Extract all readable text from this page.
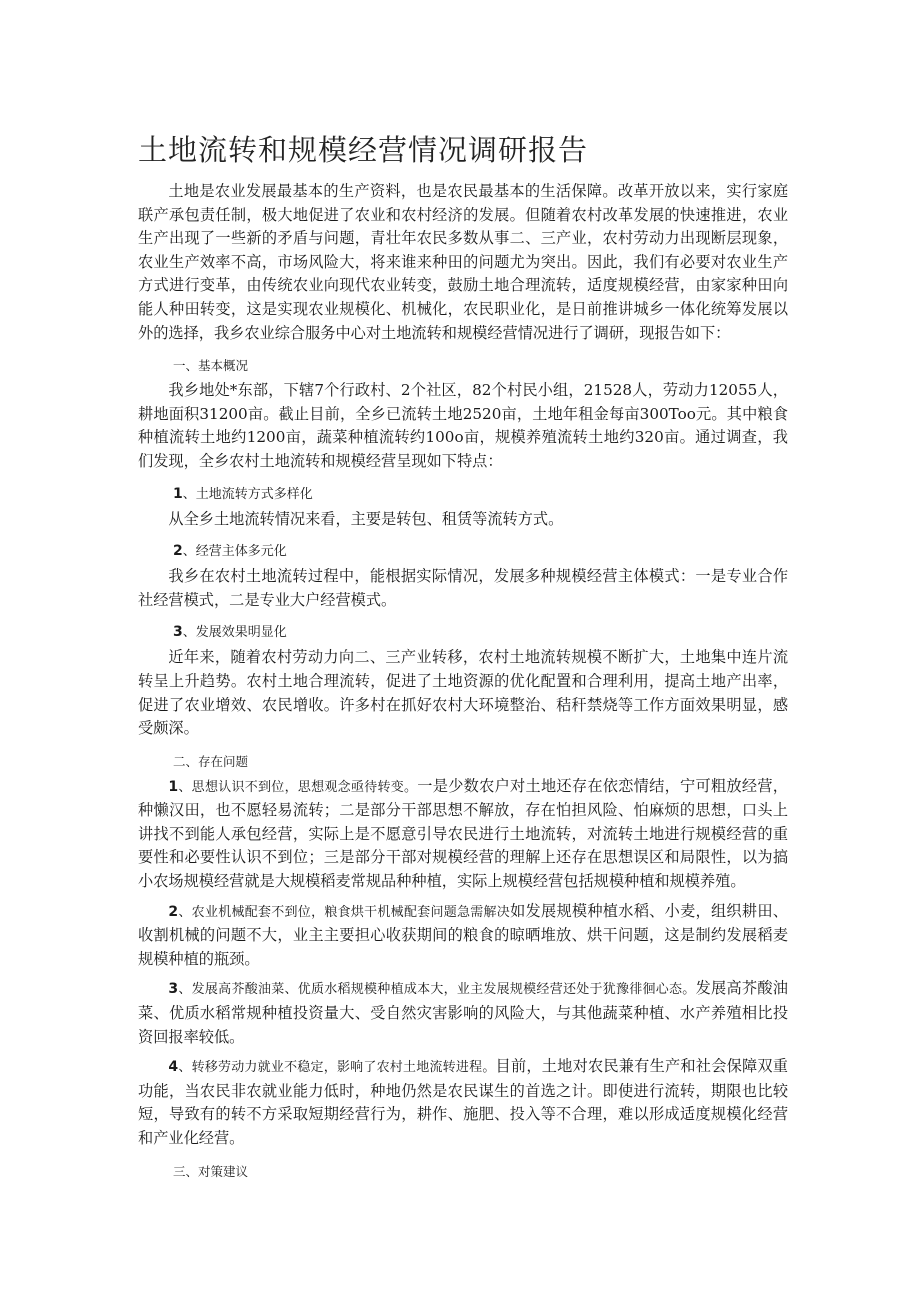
土地流转和规模经营情况调研报告

土地是农业发展最基本的生产资料，也是农民最基本的生活保障。改革开放以来，实行家庭联产承包责任制，极大地促进了农业和农村经济的发展。但随着农村改革发展的快速推进，农业生产出现了一些新的矛盾与问题，青壮年农民多数从事二、三产业，农村劳动力出现断层现象，农业生产效率不高，市场风险大，将来谁来种田的问题尤为突出。因此，我们有必要对农业生产方式进行变革，由传统农业向现代农业转变，鼓励土地合理流转，适度规模经营，由家家种田向能人种田转变，这是实现农业规模化、机械化，农民职业化，是日前推讲城乡一体化统筹发展以外的选择，我乡农业综合服务中心对土地流转和规模经营情况进行了调研，现报告如下：

一、基本概况

我乡地处*东部，下辖7个行政村、2个社区，82个村民小组，21528人，劳动力12055人，耕地面积31200亩。截止目前，全乡已流转土地2520亩，土地年租金每亩300Too元。其中粮食种植流转土地约1200亩，蔬菜种植流转约100o亩，规模养殖流转土地约320亩。通过调查，我们发现，全乡农村土地流转和规模经营呈现如下特点：

1、土地流转方式多样化

从全乡土地流转情况来看，主要是转包、租赁等流转方式。

2、经营主体多元化

我乡在农村土地流转过程中，能根据实际情况，发展多种规模经营主体模式：一是专业合作社经营模式，二是专业大户经营模式。

3、发展效果明显化

近年来，随着农村劳动力向二、三产业转移，农村土地流转规模不断扩大，土地集中连片流转呈上升趋势。农村土地合理流转，促进了土地资源的优化配置和合理利用，提高土地产出率，促进了农业增效、农民增收。许多村在抓好农村大环境整治、秸秆禁烧等工作方面效果明显，感受颇深。

二、存在问题

1、思想认识不到位，思想观念亟待转变。一是少数农户对土地还存在依恋情结，宁可粗放经营，种懒汉田，也不愿轻易流转；二是部分干部思想不解放，存在怕担风险、怕麻烦的思想，口头上讲找不到能人承包经营，实际上是不愿意引导农民进行土地流转，对流转土地进行规模经营的重要性和必要性认识不到位；三是部分干部对规模经营的理解上还存在思想误区和局限性，以为搞小农场规模经营就是大规模稻麦常规品种种植，实际上规模经营包括规模种植和规模养殖。

2、农业机械配套不到位，粮食烘干机械配套问题急需解决如发展规模种植水稻、小麦，组织耕田、收割机械的问题不大，业主主要担心收获期间的粮食的晾晒堆放、烘干问题，这是制约发展稻麦规模种植的瓶颈。

3、发展高芥酸油菜、优质水稻规模种植成本大，业主发展规模经营还处于犹豫徘徊心态。发展高芥酸油菜、优质水稻常规种植投资量大、受自然灾害影响的风险大，与其他蔬菜种植、水产养殖相比投资回报率较低。

4、转移劳动力就业不稳定，影响了农村土地流转进程。目前，土地对农民兼有生产和社会保障双重功能，当农民非农就业能力低时，种地仍然是农民谋生的首选之计。即使进行流转，期限也比较短，导致有的转不方采取短期经营行为，耕作、施肥、投入等不合理，难以形成适度规模化经营和产业化经营。

三、对策建议
